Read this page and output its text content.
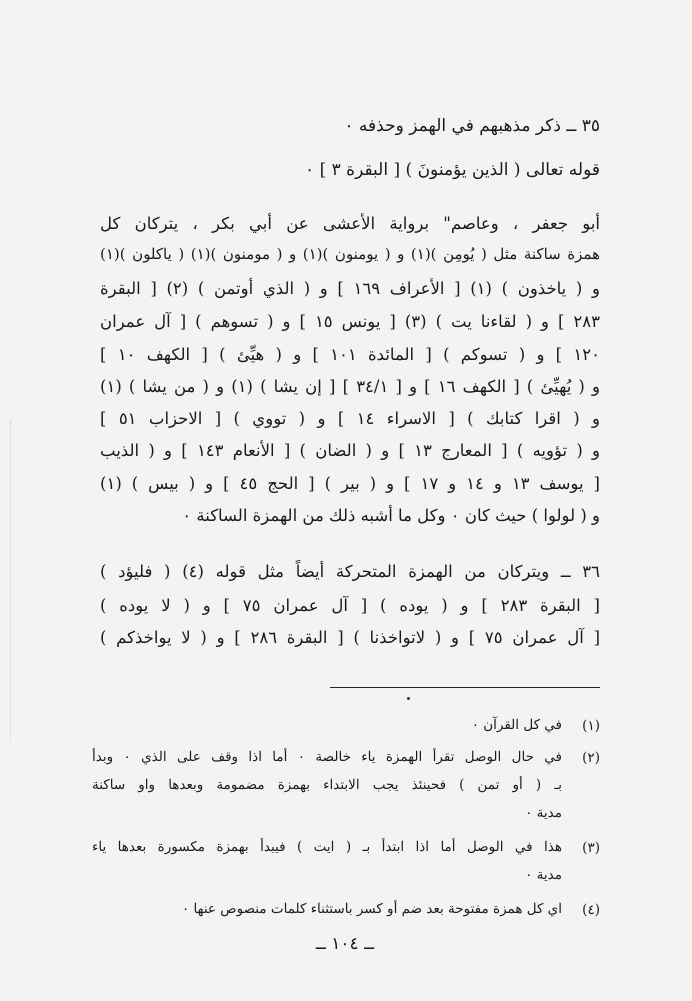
٣٥ ــ ذكر مذهبهم في الهمز وحذفه ٠
قوله تعالى ( الذين يؤمنونَ ) [ البقرة ٣ ] ٠
أبو جعفر ، وعاصم" برواية الأعشى عن أبي بكر ، يتركان كل
همزة ساكنة مثل ( يُومِن )(١) و ( يومنون )(١) و ( مومنون )(١) ( ياكلون )(١)
و ( ياخذون ) (١) [ الأعراف ١٦٩ ] و ( الذي أوتمن ) (٢) [ البقرة
٢٨٣ ] و ( لقاءنا يت ) (٣) [ يونس ١٥ ] و ( تسوهم ) [ آل عمران
١٢٠ ] و ( تسوكم ) [ المائدة ١٠١ ] و ( هيِّئ ) [ الكهف ١٠ ]
و ( يُهيِّئ ) [ الكهف ١٦ ] و [ ٣٤/١ ] [ إن يشا ) (١) و ( من يشا ) (١)
و ( اقرا كتابك ) [ الاسراء ١٤ ] و ( تووي ) [ الاحزاب ٥١ ]
و ( تؤويه ) [ المعارج ١٣ ] و ( الضان ) [ الأنعام ١٤٣ ] و ( الذيب
[ يوسف ١٣ و ١٤ و ١٧ ] و ( بير ) [ الحج ٤٥ ] و ( بيس ) (١)
و ( لولوا ) حيث كان ٠ وكل ما أشبه ذلك من الهمزة الساكنة ٠
٣٦ ــ ويتركان من الهمزة المتحركة أيضاً مثل قوله (٤) ( فليؤد )
[ البقرة ٢٨٣ ] و ( يوده ) [ آل عمران ٧٥ ] و ( لا يوده )
[ آل عمران ٧٥ ] و ( لاتواخذنا ) [ البقرة ٢٨٦ ] و ( لا يواخذكم )
(١)
في كل القرآن ٠
(٢)
في حال الوصل تقرأ الهمزة ياء خالصة ٠ أما اذا وقف على الذي ٠ وبدأ
بـ ( أو تمن ) فحينئذ يجب الابتداء بهمزة مضمومة وبعدها واو ساكنة
مدية ٠
(٣)
هذا في الوصل أما اذا ابتدأ بـ ( ايت ) فيبدأ بهمزة مكسورة بعدها ياء
مدية ٠
(٤)
اي كل همزة مفتوحة بعد ضم أو كسر باستثناء كلمات منصوص عنها ٠
ــ ١٠٤ ــ
